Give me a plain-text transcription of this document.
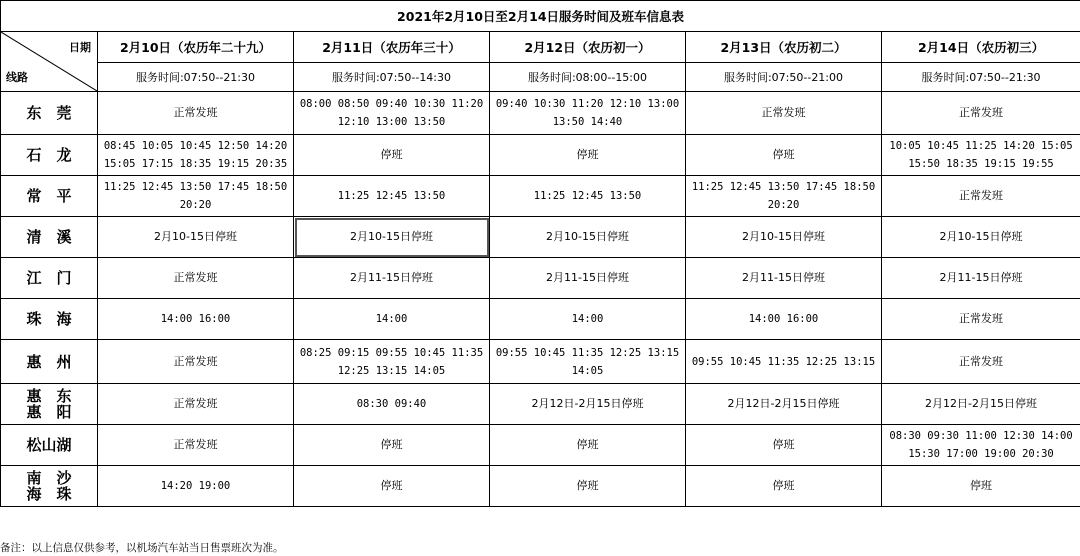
2021年2月10日至2月14日服务时间及班车信息表					

日期
线路	2月10日（农历年二十九）	2月11日（农历年三十）	2月12日（农历初一）	2月13日（农历初二）	2月14日（农历初三）
	服务时间:07:50--21:30	服务时间:07:50--14:30	服务时间:08:00--15:00	服务时间:07:50--21:00	服务时间:07:50--21:30
东　莞	正常发班	08:00 08:50 09:40 10:30 11:20 12:10 13:00 13:50	09:40 10:30 11:20 12:10 13:00 13:50 14:40	正常发班	正常发班
石　龙	08:45 10:05 10:45 12:50 14:20 15:05 17:15 18:35 19:15 20:35	停班	停班	停班	10:05 10:45 11:25 14:20 15:05 15:50 18:35 19:15 19:55
常　平	11:25 12:45 13:50 17:45 18:50 20:20	11:25 12:45 13:50	11:25 12:45 13:50	11:25 12:45 13:50 17:45 18:50 20:20	正常发班
清　溪	2月10-15日停班	2月10-15日停班	2月10-15日停班	2月10-15日停班	2月10-15日停班
江　门	正常发班	2月11-15日停班	2月11-15日停班	2月11-15日停班	2月11-15日停班
珠　海	14:00 16:00	14:00	14:00	14:00 16:00	正常发班
惠　州	正常发班	08:25 09:15 09:55 10:45 11:35 12:25 13:15 14:05	09:55 10:45 11:35 12:25 13:15 14:05	09:55 10:45 11:35 12:25 13:15	正常发班
惠　东
惠　阳	正常发班	08:30 09:40	2月12日-2月15日停班	2月12日-2月15日停班	2月12日-2月15日停班
松山湖	正常发班	停班	停班	停班	08:30 09:30 11:00 12:30 14:00 15:30 17:00 19:00 20:30
南　沙
海　珠	14:20 19:00	停班	停班	停班	停班
备注：以上信息仅供参考，以机场汽车站当日售票班次为准。
